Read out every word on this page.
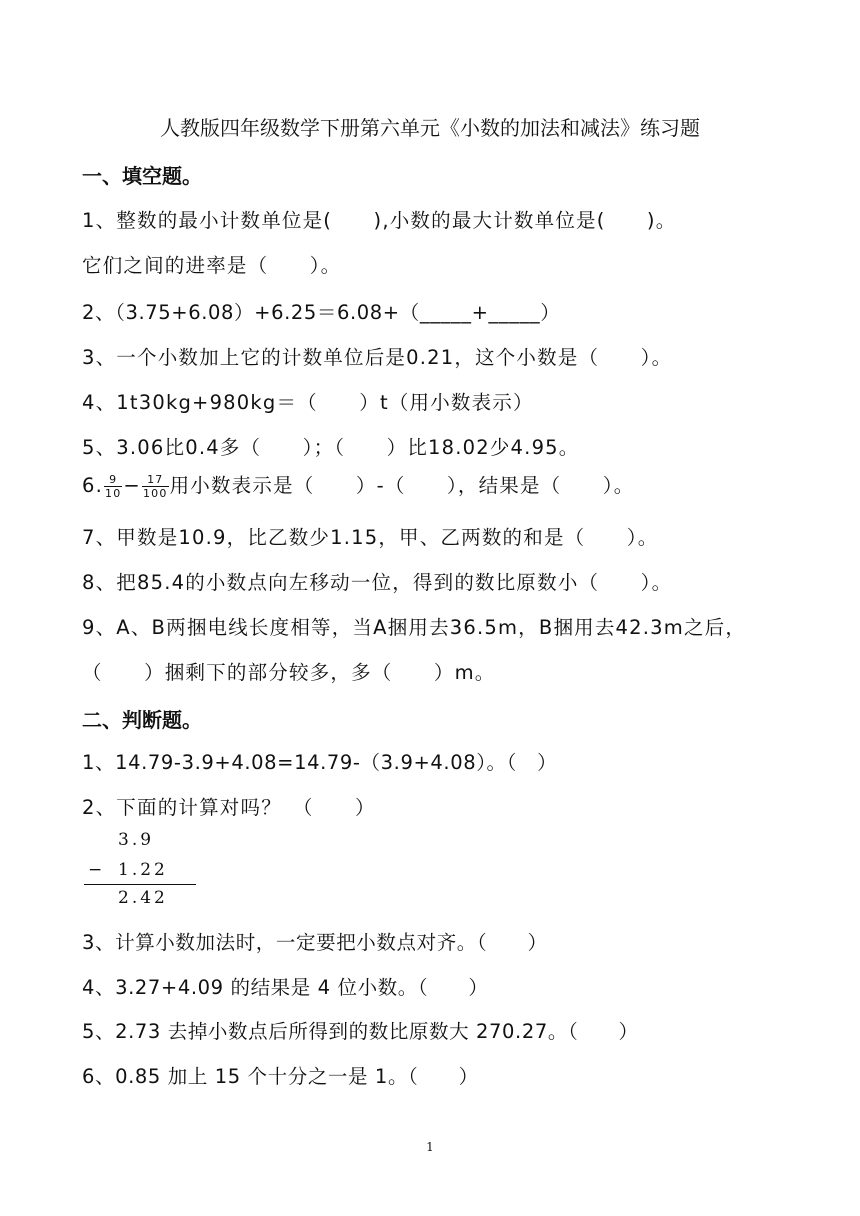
人教版四年级数学下册第六单元《小数的加法和减法》练习题
一、填空题。
1、整数的最小计数单位是(　　),小数的最大计数单位是(　　)。
它们之间的进率是（　　）。
2、（3.75+6.08）+6.25＝6.08+（_____+_____）
3、一个小数加上它的计数单位后是0.21，这个小数是（　　）。
4、1t30kg+980kg＝（　　）t（用小数表示）
5、3.06比0.4多（　　）；（　　）比18.02少4.95。
6. $\frac{9}{10} - \frac{17}{100}$ 用小数表示是（　　）-（　　），结果是（　　）。
7、甲数是10.9，比乙数少1.15，甲、乙两数的和是（　　）。
8、把85.4的小数点向左移动一位，得到的数比原数小（　　）。
9、A、B两捆电线长度相等，当A捆用去36.5m，B捆用去42.3m之后，
（　　）捆剩下的部分较多，多（　　）m。
二、判断题。
1、14.79-3.9+4.08=14.79-（3.9+4.08）。（　）
2、下面的计算对吗？　（　　）
3.9
− 1.22
2.42
3、计算小数加法时，一定要把小数点对齐。（　　）
4、3.27+4.09 的结果是 4 位小数。（　　）
5、2.73 去掉小数点后所得到的数比原数大 270.27。（　　）
6、0.85 加上 15 个十分之一是 1。（　　）
1
